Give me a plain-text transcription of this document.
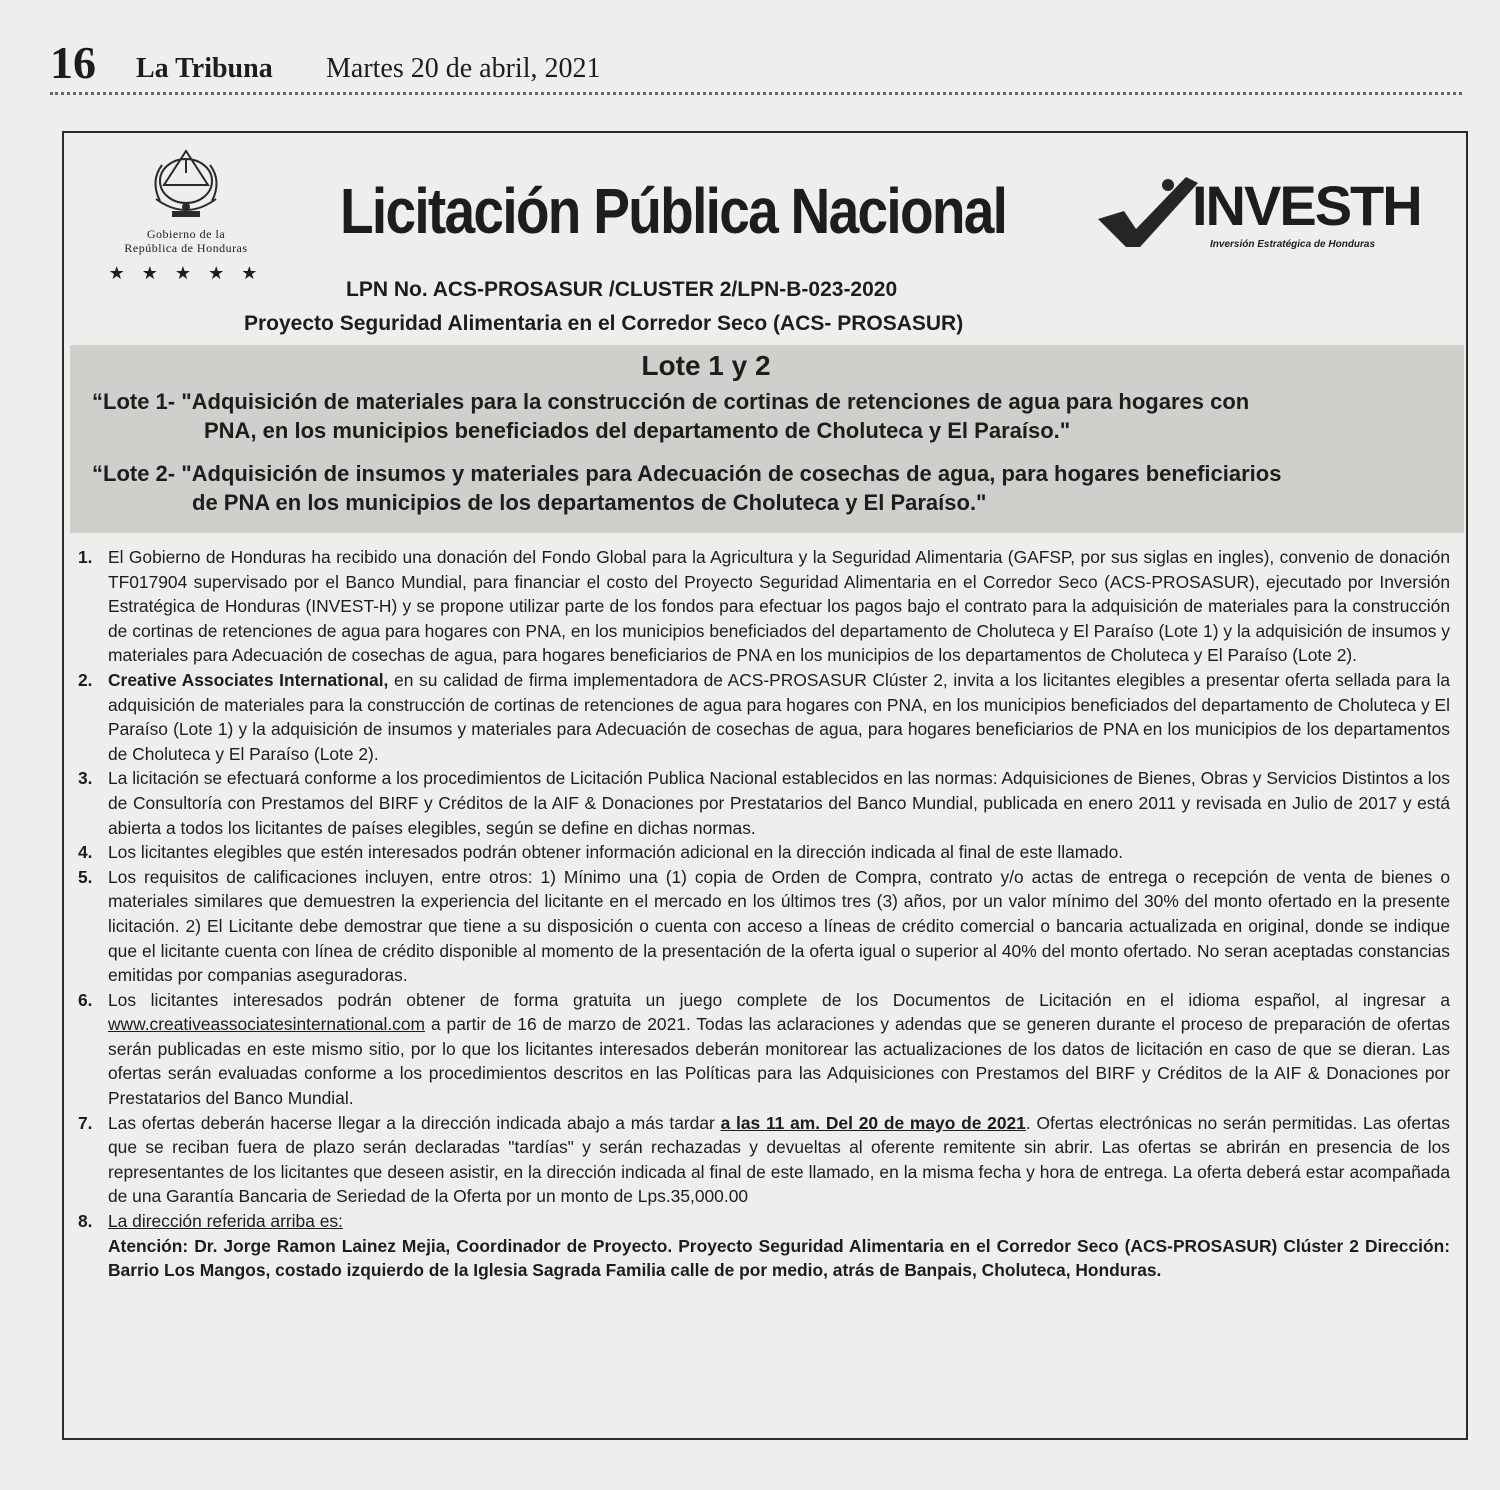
16 La Tribuna Martes 20 de abril, 2021
Gobierno de la
República de Honduras
★ ★ ★ ★ ★
Licitación Pública Nacional
LPN No. ACS-PROSASUR /CLUSTER 2/LPN-B-023-2020
Proyecto Seguridad Alimentaria en el Corredor Seco (ACS- PROSASUR)
INVESTH
Inversión Estratégica de Honduras
Lote 1 y 2
“Lote 1- "Adquisición de materiales para la construcción de cortinas de retenciones de agua para hogares con
PNA, en los municipios beneficiados del departamento de Choluteca y El Paraíso."
“Lote 2- "Adquisición de insumos y materiales para Adecuación de cosechas de agua, para hogares beneficiarios
de PNA en los municipios de los departamentos de Choluteca y El Paraíso."
1. El Gobierno de Honduras ha recibido una donación del Fondo Global para la Agricultura y la Seguridad Alimentaria (GAFSP, por sus siglas en ingles), convenio de donación TF017904 supervisado por el Banco Mundial, para financiar el costo del Proyecto Seguridad Alimentaria en el Corredor Seco (ACS-PROSASUR), ejecutado por Inversión Estratégica de Honduras (INVEST-H) y se propone utilizar parte de los fondos para efectuar los pagos bajo el contrato para la adquisición de materiales para la construcción de cortinas de retenciones de agua para hogares con PNA, en los municipios beneficiados del departamento de Choluteca y El Paraíso (Lote 1) y la adquisición de insumos y materiales para Adecuación de cosechas de agua, para hogares beneficiarios de PNA en los municipios de los departamentos de Choluteca y El Paraíso (Lote 2).
2. Creative Associates International, en su calidad de firma implementadora de ACS-PROSASUR Clúster 2, invita a los licitantes elegibles a presentar oferta sellada para la adquisición de materiales para la construcción de cortinas de retenciones de agua para hogares con PNA, en los municipios beneficiados del departamento de Choluteca y El Paraíso (Lote 1) y la adquisición de insumos y materiales para Adecuación de cosechas de agua, para hogares beneficiarios de PNA en los municipios de los departamentos de Choluteca y El Paraíso (Lote 2).
3. La licitación se efectuará conforme a los procedimientos de Licitación Publica Nacional establecidos en las normas: Adquisiciones de Bienes, Obras y Servicios Distintos a los de Consultoría con Prestamos del BIRF y Créditos de la AIF & Donaciones por Prestatarios del Banco Mundial, publicada en enero 2011 y revisada en Julio de 2017 y está abierta a todos los licitantes de países elegibles, según se define en dichas normas.
4. Los licitantes elegibles que estén interesados podrán obtener información adicional en la dirección indicada al final de este llamado.
5. Los requisitos de calificaciones incluyen, entre otros: 1) Mínimo una (1) copia de Orden de Compra, contrato y/o actas de entrega o recepción de venta de bienes o materiales similares que demuestren la experiencia del licitante en el mercado en los últimos tres (3) años, por un valor mínimo del 30% del monto ofertado en la presente licitación. 2) El Licitante debe demostrar que tiene a su disposición o cuenta con acceso a líneas de crédito comercial o bancaria actualizada en original, donde se indique que el licitante cuenta con línea de crédito disponible al momento de la presentación de la oferta igual o superior al 40% del monto ofertado. No seran aceptadas constancias emitidas por companias aseguradoras.
6. Los licitantes interesados podrán obtener de forma gratuita un juego complete de los Documentos de Licitación en el idioma español, al ingresar a www.creativeassociatesinternational.com a partir de 16 de marzo de 2021. Todas las aclaraciones y adendas que se generen durante el proceso de preparación de ofertas serán publicadas en este mismo sitio, por lo que los licitantes interesados deberán monitorear las actualizaciones de los datos de licitación en caso de que se dieran. Las ofertas serán evaluadas conforme a los procedimientos descritos en las Políticas para las Adquisiciones con Prestamos del BIRF y Créditos de la AIF & Donaciones por Prestatarios del Banco Mundial.
7. Las ofertas deberán hacerse llegar a la dirección indicada abajo a más tardar a las 11 am. Del 20 de mayo de 2021. Ofertas electrónicas no serán permitidas. Las ofertas que se reciban fuera de plazo serán declaradas "tardías" y serán rechazadas y devueltas al oferente remitente sin abrir. Las ofertas se abrirán en presencia de los representantes de los licitantes que deseen asistir, en la dirección indicada al final de este llamado, en la misma fecha y hora de entrega. La oferta deberá estar acompañada de una Garantía Bancaria de Seriedad de la Oferta por un monto de Lps.35,000.00
8. La dirección referida arriba es:
Atención: Dr. Jorge Ramon Lainez Mejia, Coordinador de Proyecto. Proyecto Seguridad Alimentaria en el Corredor Seco (ACS-PROSASUR) Clúster 2 Dirección: Barrio Los Mangos, costado izquierdo de la Iglesia Sagrada Familia calle de por medio, atrás de Banpais, Choluteca, Honduras.
